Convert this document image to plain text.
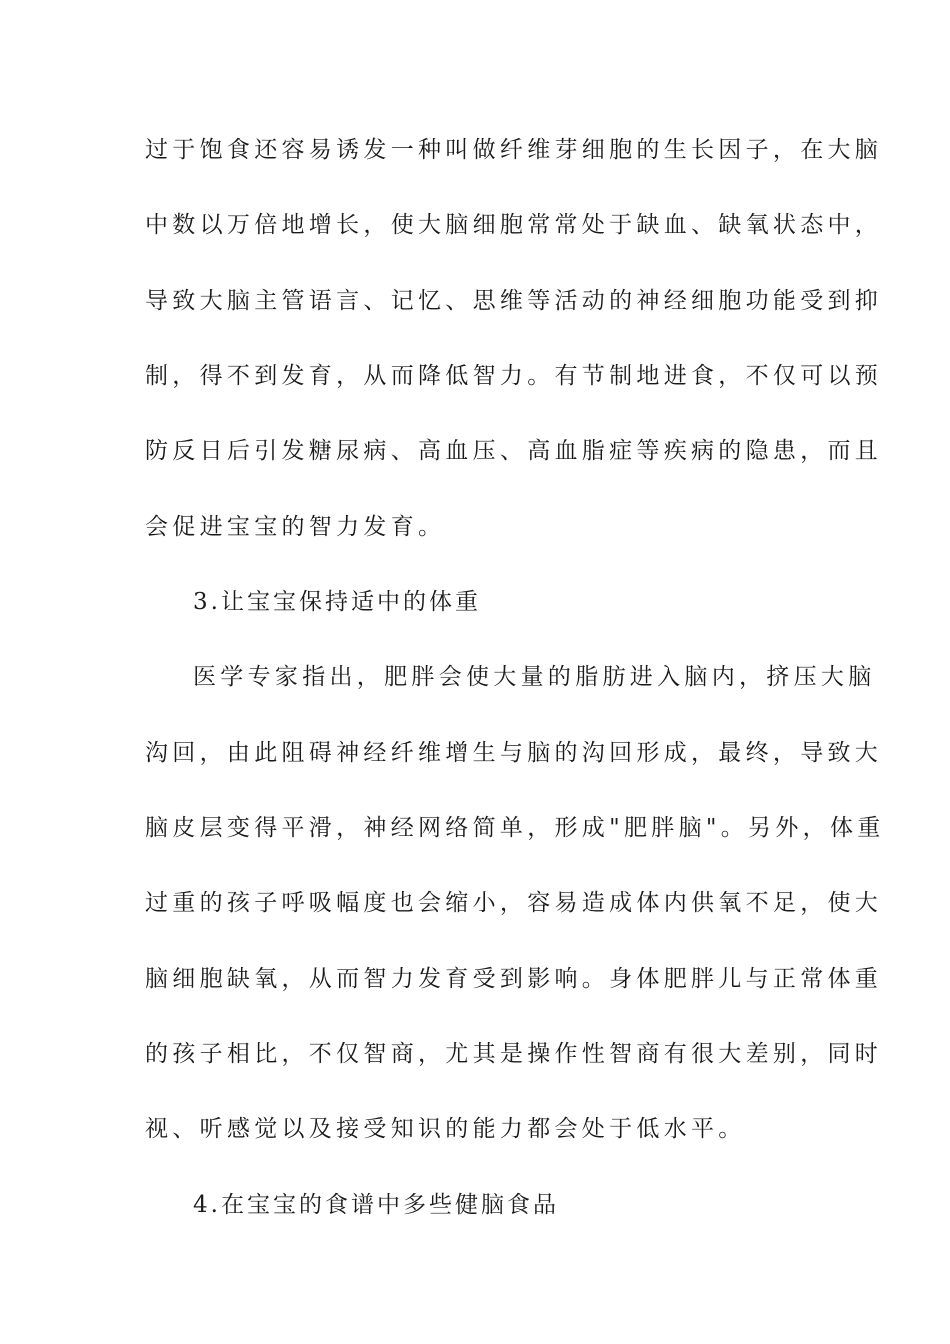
过于饱食还容易诱发一种叫做纤维芽细胞的生长因子，在大脑
中数以万倍地增长，使大脑细胞常常处于缺血、缺氧状态中，
导致大脑主管语言、记忆、思维等活动的神经细胞功能受到抑
制，得不到发育，从而降低智力。有节制地进食，不仅可以预
防反日后引发糖尿病、高血压、高血脂症等疾病的隐患，而且
会促进宝宝的智力发育。
3.让宝宝保持适中的体重
医学专家指出，肥胖会使大量的脂肪进入脑内，挤压大脑
沟回，由此阻碍神经纤维增生与脑的沟回形成，最终，导致大
脑皮层变得平滑，神经网络简单，形成"肥胖脑"。另外，体重
过重的孩子呼吸幅度也会缩小，容易造成体内供氧不足，使大
脑细胞缺氧，从而智力发育受到影响。身体肥胖儿与正常体重
的孩子相比，不仅智商，尤其是操作性智商有很大差别，同时
视、听感觉以及接受知识的能力都会处于低水平。
4.在宝宝的食谱中多些健脑食品
